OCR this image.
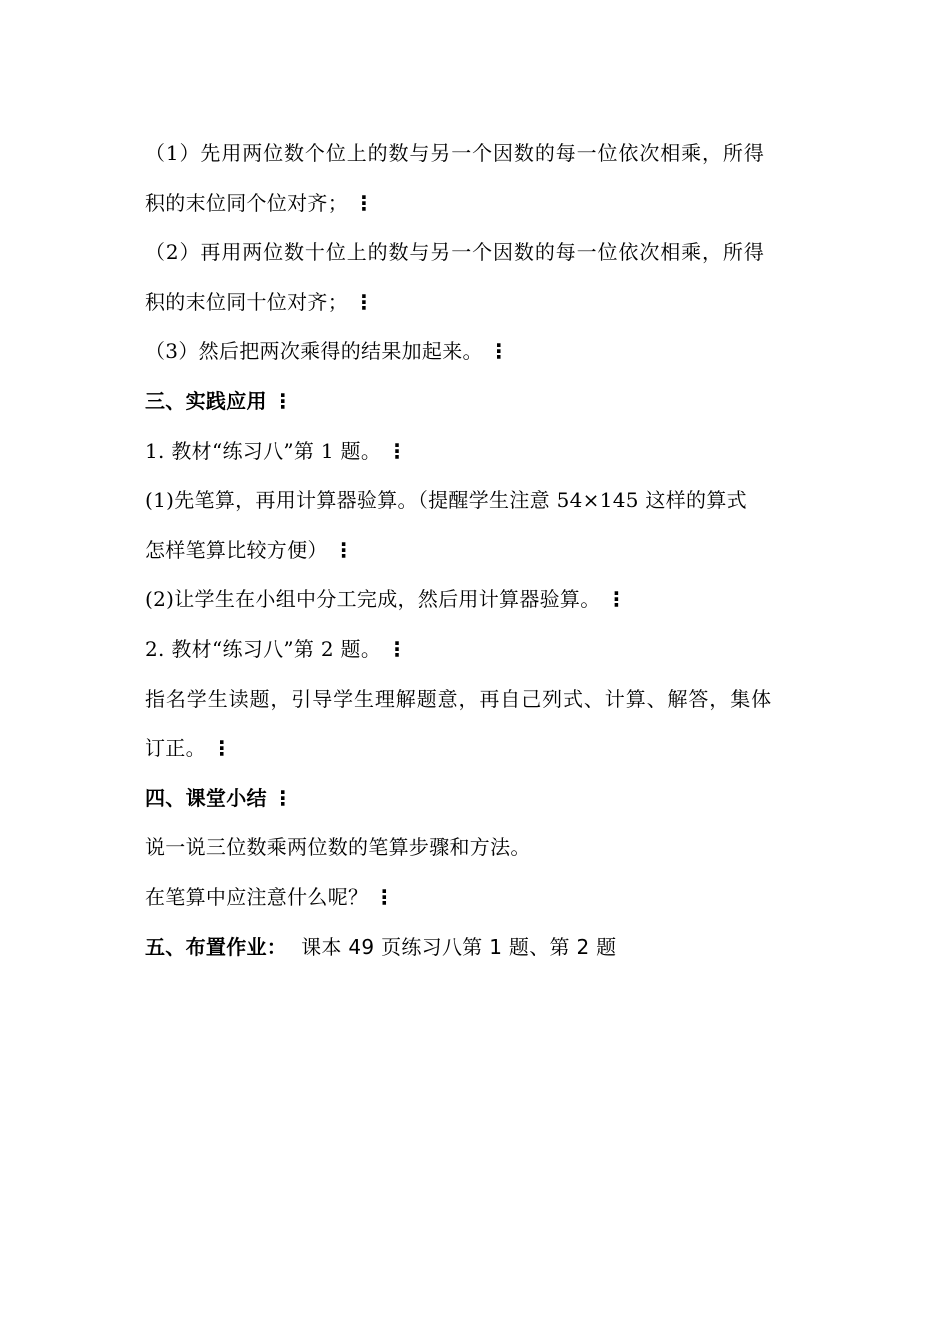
（1）先用两位数个位上的数与另一个因数的每一位依次相乘，所得
积的末位同个位对齐； ⋮
（2）再用两位数十位上的数与另一个因数的每一位依次相乘，所得
积的末位同十位对齐； ⋮
（3）然后把两次乘得的结果加起来。 ⋮
三、实践应用 ⋮
1. 教材“练习八”第 1 题。 ⋮
(1)先笔算，再用计算器验算。（提醒学生注意 54×145 这样的算式
怎样笔算比较方便） ⋮
(2)让学生在小组中分工完成，然后用计算器验算。 ⋮
2. 教材“练习八”第 2 题。 ⋮
指名学生读题，引导学生理解题意，再自己列式、计算、解答，集体
订正。 ⋮
四、课堂小结 ⋮
说一说三位数乘两位数的笔算步骤和方法。
在笔算中应注意什么呢？ ⋮
五、布置作业： 课本 49 页练习八第 1 题、第 2 题
